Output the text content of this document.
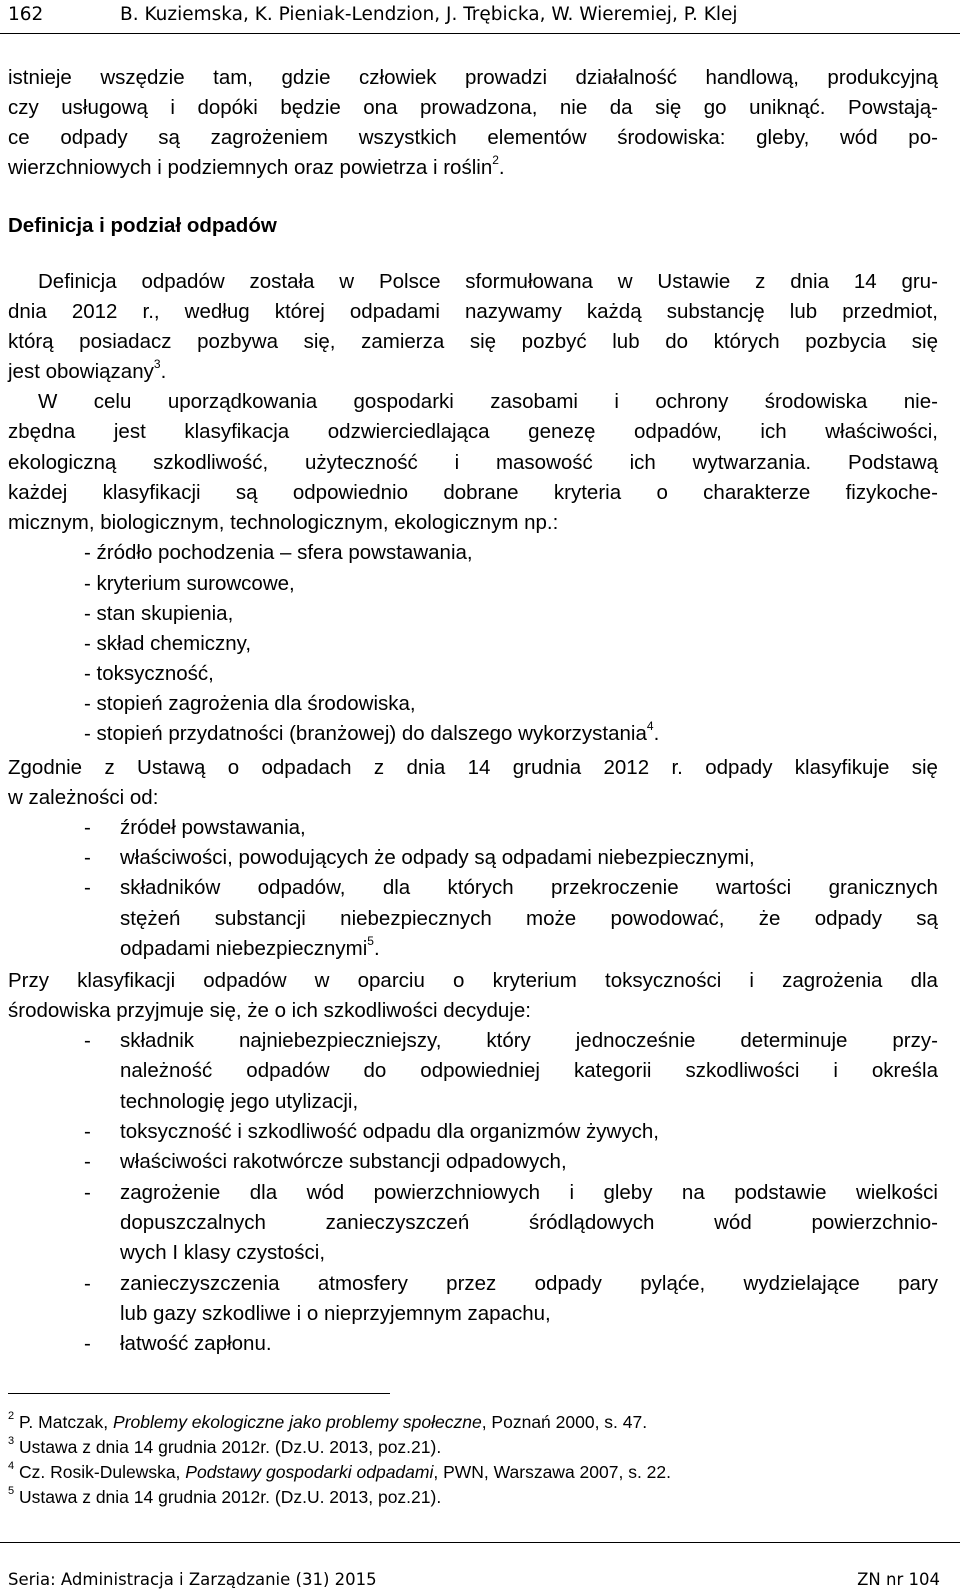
162	B. Kuziemska, K. Pieniak-Lendzion, J. Trębicka, W. Wieremiej, P. Klej
istnieje wszędzie tam, gdzie człowiek prowadzi działalność handlową, produkcyjną
czy usługową i dopóki będzie ona prowadzona, nie da się go uniknąć. Powstają-
ce odpady są zagrożeniem wszystkich elementów środowiska: gleby, wód po-
wierzchniowych i podziemnych oraz powietrza i roślin$^2$.
Definicja i podział odpadów
Definicja odpadów została w Polsce sformułowana w Ustawie z dnia 14 gru-
dnia 2012 r., według której odpadami nazywamy każdą substancję lub przedmiot,
którą posiadacz pozbywa się, zamierza się pozbyć lub do których pozbycia się
jest obowiązany$^3$.
W celu uporządkowania gospodarki zasobami i ochrony środowiska nie-
zbędna jest klasyfikacja odzwierciedlająca genezę odpadów, ich właściwości,
ekologiczną szkodliwość, użyteczność i masowość ich wytwarzania. Podstawą
każdej klasyfikacji są odpowiednio dobrane kryteria o charakterze fizykoche-
micznym, biologicznym, technologicznym, ekologicznym np.:
- źródło pochodzenia – sfera powstawania,
- kryterium surowcowe,
- stan skupienia,
- skład chemiczny,
- toksyczność,
- stopień zagrożenia dla środowiska,
- stopień przydatności (branżowej) do dalszego wykorzystania$^4$.
Zgodnie z Ustawą o odpadach z dnia 14 grudnia 2012 r. odpady klasyfikuje się
w zależności od:
- źródeł powstawania,
- właściwości, powodujących że odpady są odpadami niebezpiecznymi,
- składników odpadów, dla których przekroczenie wartości granicznych
stężeń substancji niebezpiecznych może powodować, że odpady są
odpadami niebezpiecznymi$^5$.
Przy klasyfikacji odpadów w oparciu o kryterium toksyczności i zagrożenia dla
środowiska przyjmuje się, że o ich szkodliwości decyduje:
- składnik najniebezpieczniejszy, który jednocześnie determinuje przy-
należność odpadów do odpowiedniej kategorii szkodliwości i określa
technologię jego utylizacji,
- toksyczność i szkodliwość odpadu dla organizmów żywych,
- właściwości rakotwórcze substancji odpadowych,
- zagrożenie dla wód powierzchniowych i gleby na podstawie wielkości
dopuszczalnych	zanieczyszczeń	śródlądowych	wód	powierzchnio-
wych I klasy czystości,
- zanieczyszczenia atmosfery przez odpady pyląće, wydzielające pary
lub gazy szkodliwe i o nieprzyjemnym zapachu,
- łatwość zapłonu.
$^2$ P. Matczak, Problemy ekologiczne jako problemy społeczne, Poznań 2000, s. 47.
$^3$ Ustawa z dnia 14 grudnia 2012r. (Dz.U. 2013, poz.21).
$^4$ Cz. Rosik-Dulewska, Podstawy gospodarki odpadami, PWN, Warszawa 2007, s. 22.
$^5$ Ustawa z dnia 14 grudnia 2012r. (Dz.U. 2013, poz.21).
Seria: Administracja i Zarządzanie (31) 2015	ZN nr 104
